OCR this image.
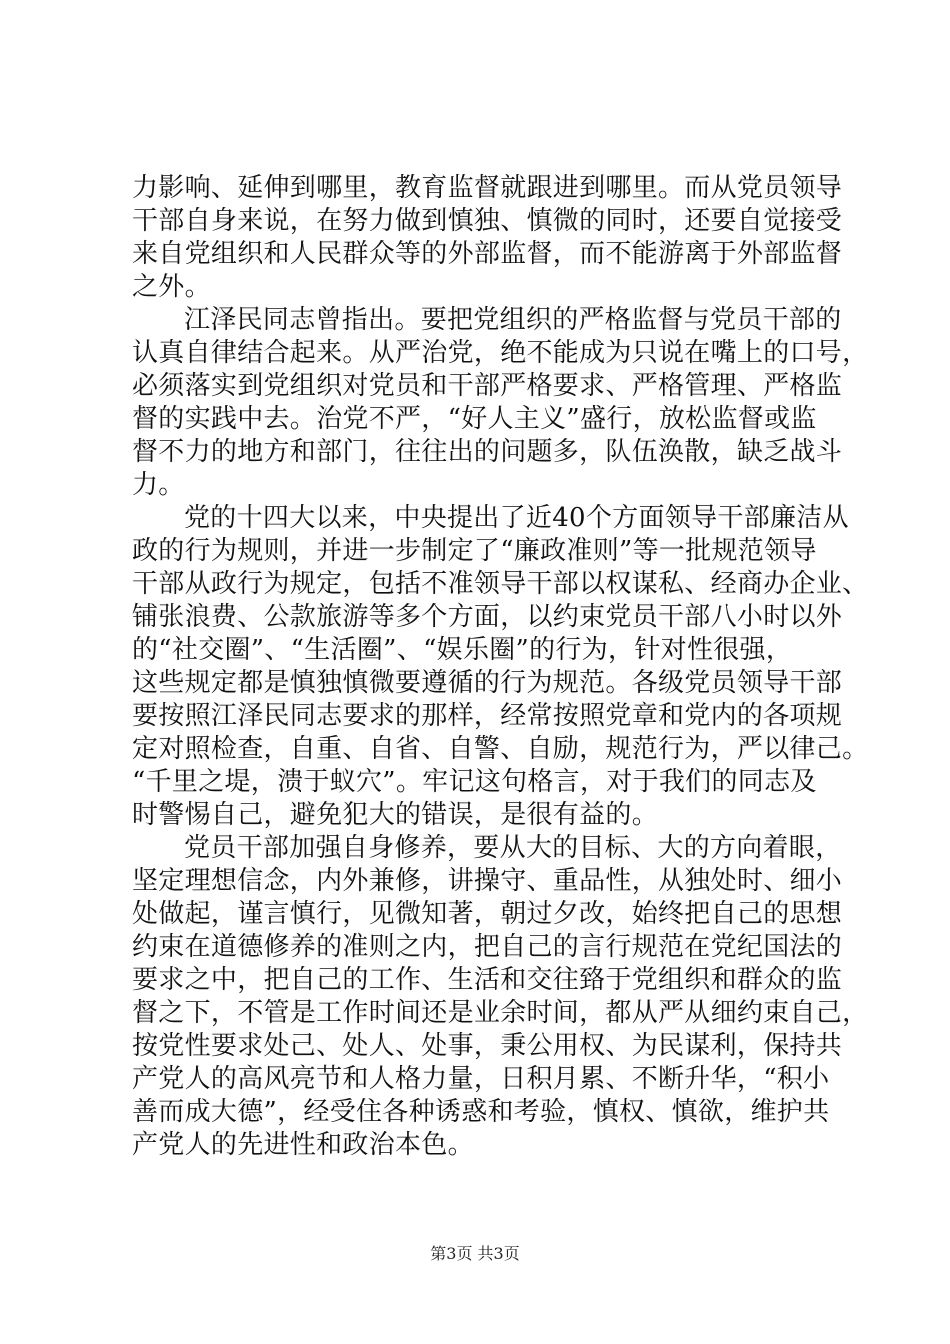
力影响、延伸到哪里，教育监督就跟进到哪里。而从党员领导
干部自身来说，在努力做到慎独、慎微的同时，还要自觉接受
来自党组织和人民群众等的外部监督，而不能游离于外部监督
之外。
江泽民同志曾指出。要把党组织的严格监督与党员干部的
认真自律结合起来。从严治党，绝不能成为只说在嘴上的口号，
必须落实到党组织对党员和干部严格要求、严格管理、严格监
督的实践中去。治党不严，“好人主义”盛行，放松监督或监
督不力的地方和部门，往往出的问题多，队伍涣散，缺乏战斗
力。
党的十四大以来，中央提出了近40个方面领导干部廉洁从
政的行为规则，并进一步制定了“廉政准则”等一批规范领导
干部从政行为规定，包括不准领导干部以权谋私、经商办企业、
铺张浪费、公款旅游等多个方面，以约束党员干部八小时以外
的“社交圈”、“生活圈”、“娱乐圈”的行为，针对性很强，
这些规定都是慎独慎微要遵循的行为规范。各级党员领导干部
要按照江泽民同志要求的那样，经常按照党章和党内的各项规
定对照检查，自重、自省、自警、自励，规范行为，严以律己。
“千里之堤，溃于蚁穴”。牢记这句格言，对于我们的同志及
时警惕自己，避免犯大的错误，是很有益的。
党员干部加强自身修养，要从大的目标、大的方向着眼，
坚定理想信念，内外兼修，讲操守、重品性，从独处时、细小
处做起，谨言慎行，见微知著，朝过夕改，始终把自己的思想
约束在道德修养的准则之内，把自己的言行规范在党纪国法的
要求之中，把自己的工作、生活和交往臵于党组织和群众的监
督之下，不管是工作时间还是业余时间，都从严从细约束自己，
按党性要求处己、处人、处事，秉公用权、为民谋利，保持共
产党人的高风亮节和人格力量，日积月累、不断升华，“积小
善而成大德”，经受住各种诱惑和考验，慎权、慎欲，维护共
产党人的先进性和政治本色。
第3页 共3页
